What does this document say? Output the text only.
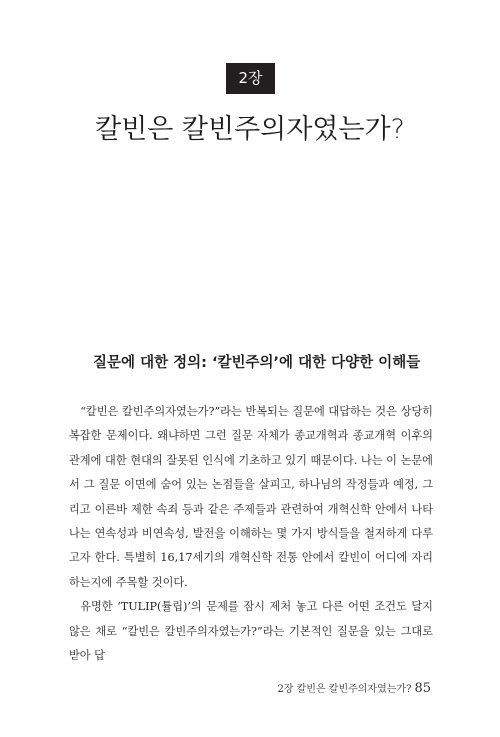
2장
칼빈은 칼빈주의자였는가?
질문에 대한 정의: ‘칼빈주의’에 대한 다양한 이해들

“칼빈은 칼빈주의자였는가?”라는 반복되는 질문에 대답하는 것은 상당히 복잡한 문제이다. 왜냐하면 그런 질문 자체가 종교개혁과 종교개혁 이후의 관계에 대한 현대의 잘못된 인식에 기초하고 있기 때문이다. 나는 이 논문에서 그 질문 이면에 숨어 있는 논점들을 살피고, 하나님의 작정들과 예정, 그리고 이른바 제한 속죄 등과 같은 주제들과 관련하여 개혁신학 안에서 나타나는 연속성과 비연속성, 발전을 이해하는 몇 가지 방식들을 철저하게 다루고자 한다. 특별히 16,17세기의 개혁신학 전통 안에서 칼빈이 어디에 자리하는지에 주목할 것이다.

유명한 ‘TULIP(튤립)’의 문제를 잠시 제처 놓고 다른 어떤 조건도 달지 않은 채로 “칼빈은 칼빈주의자였는가?”라는 기본적인 질문을 있는 그대로 받아 답

2장 칼빈은 칼빈주의자였는가? 85
